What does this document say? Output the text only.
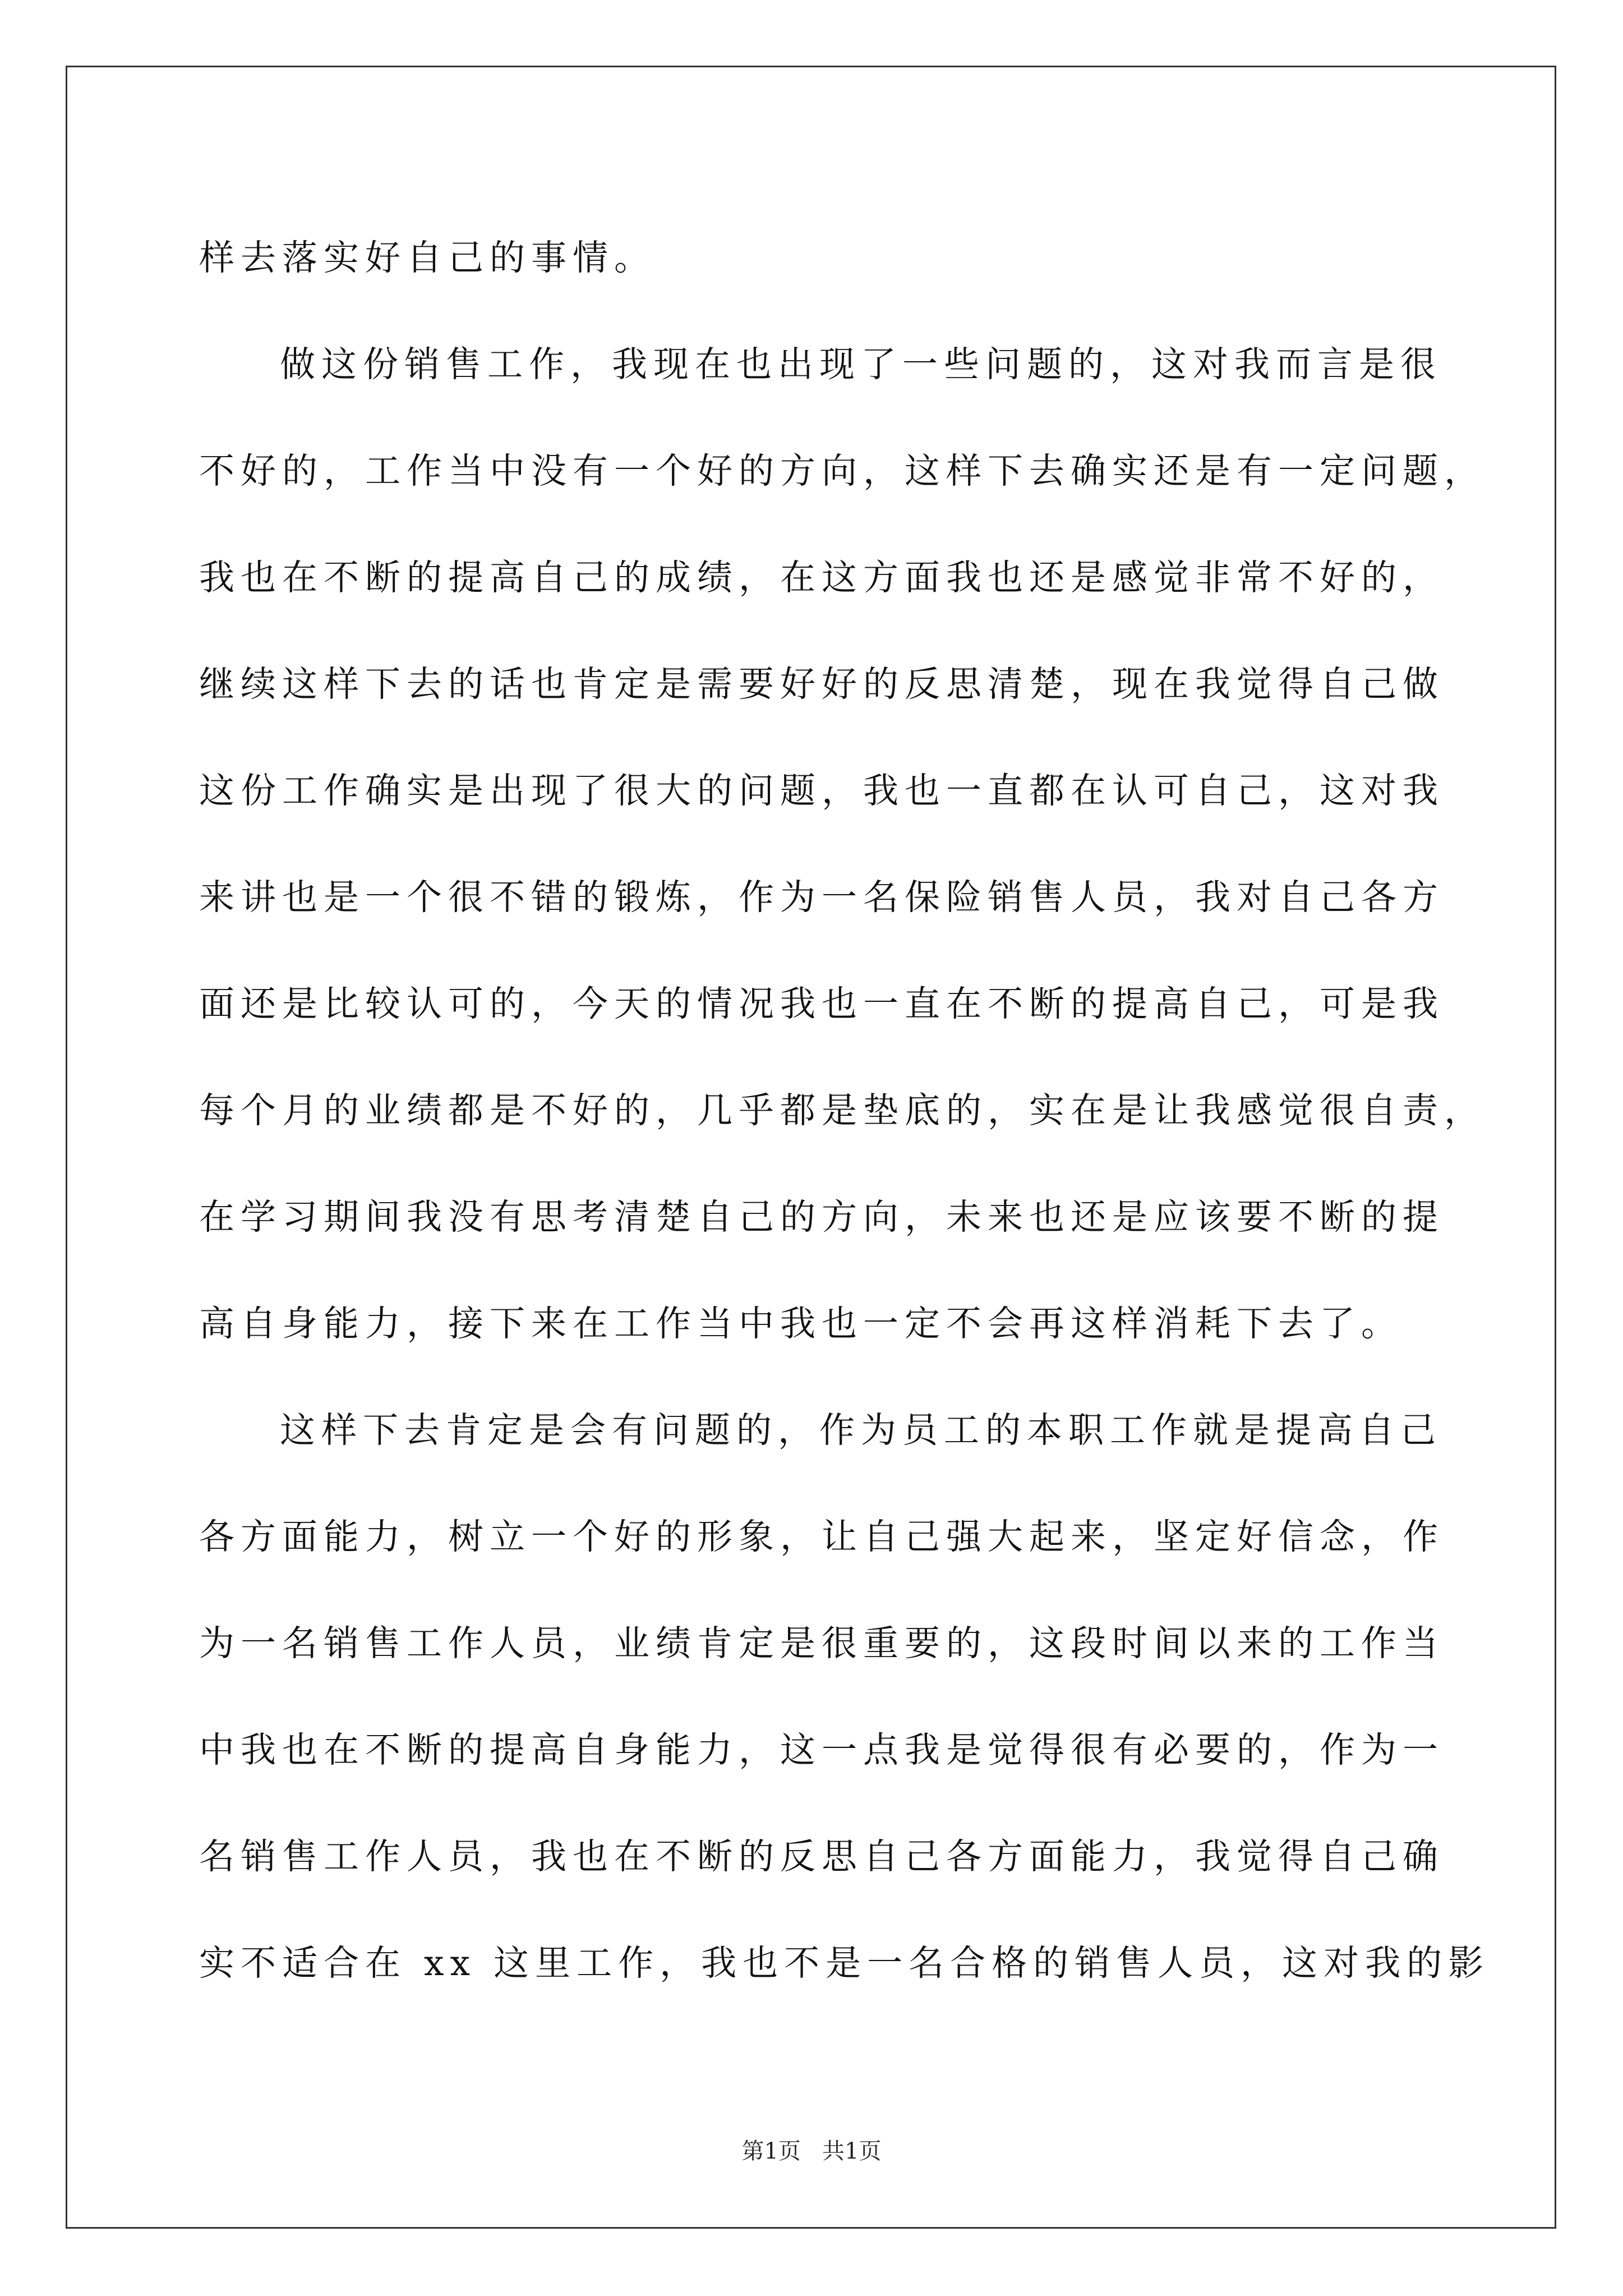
样去落实好自己的事情。
做这份销售工作，我现在也出现了一些问题的，这对我而言是很
不好的，工作当中没有一个好的方向，这样下去确实还是有一定问题，
我也在不断的提高自己的成绩，在这方面我也还是感觉非常不好的，
继续这样下去的话也肯定是需要好好的反思清楚，现在我觉得自己做
这份工作确实是出现了很大的问题，我也一直都在认可自己，这对我
来讲也是一个很不错的锻炼，作为一名保险销售人员，我对自己各方
面还是比较认可的，今天的情况我也一直在不断的提高自己，可是我
每个月的业绩都是不好的，几乎都是垫底的，实在是让我感觉很自责，
在学习期间我没有思考清楚自己的方向，未来也还是应该要不断的提
高自身能力，接下来在工作当中我也一定不会再这样消耗下去了。
这样下去肯定是会有问题的，作为员工的本职工作就是提高自己
各方面能力，树立一个好的形象，让自己强大起来，坚定好信念，作
为一名销售工作人员，业绩肯定是很重要的，这段时间以来的工作当
中我也在不断的提高自身能力，这一点我是觉得很有必要的，作为一
名销售工作人员，我也在不断的反思自己各方面能力，我觉得自己确
实不适合在 xx 这里工作，我也不是一名合格的销售人员，这对我的影
第1页   共1页
